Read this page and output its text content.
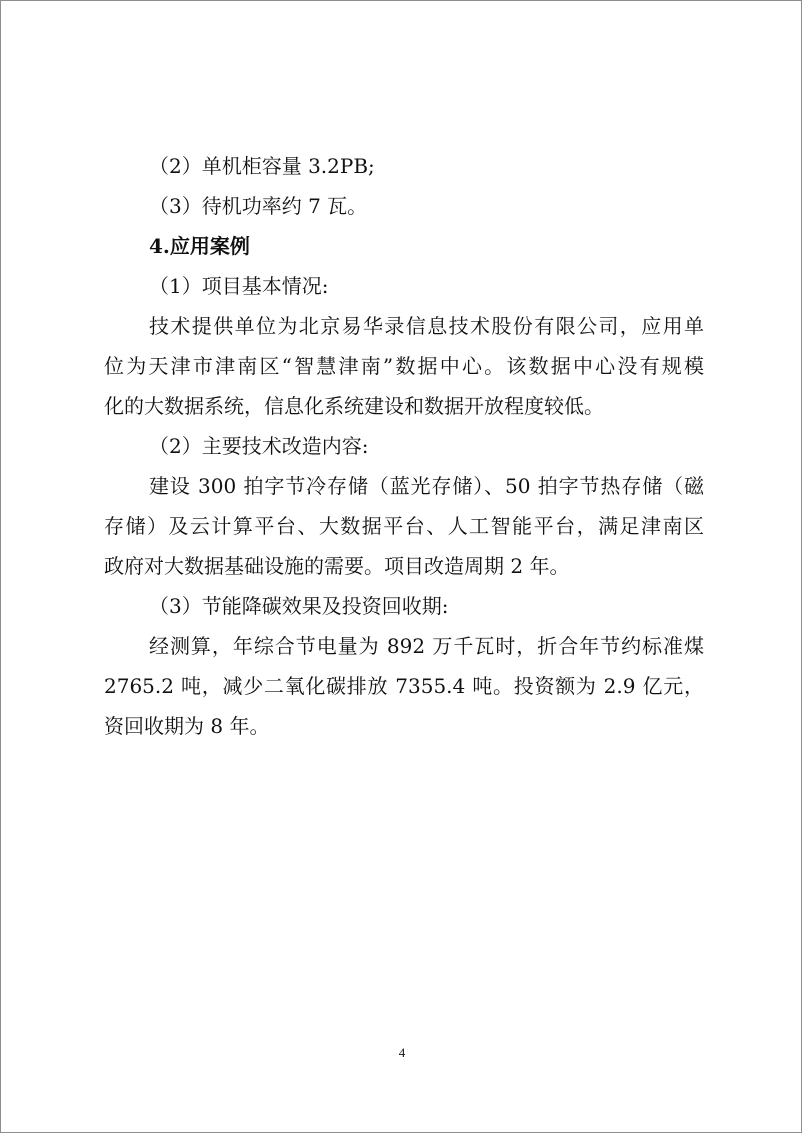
（2）单机柜容量 3.2PB;
（3）待机功率约 7 瓦。
4.应用案例
（1）项目基本情况:
技术提供单位为北京易华录信息技术股份有限公司，应用单
位为天津市津南区“智慧津南”数据中心。该数据中心没有规模
化的大数据系统，信息化系统建设和数据开放程度较低。
（2）主要技术改造内容:
建设 300 拍字节冷存储（蓝光存储）、50 拍字节热存储（磁
存储）及云计算平台、大数据平台、人工智能平台，满足津南区
政府对大数据基础设施的需要。项目改造周期 2 年。
（3）节能降碳效果及投资回收期:
经测算，年综合节电量为 892 万千瓦时，折合年节约标准煤
2765.2 吨，减少二氧化碳排放 7355.4 吨。投资额为 2.9 亿元，
资回收期为 8 年。
4
